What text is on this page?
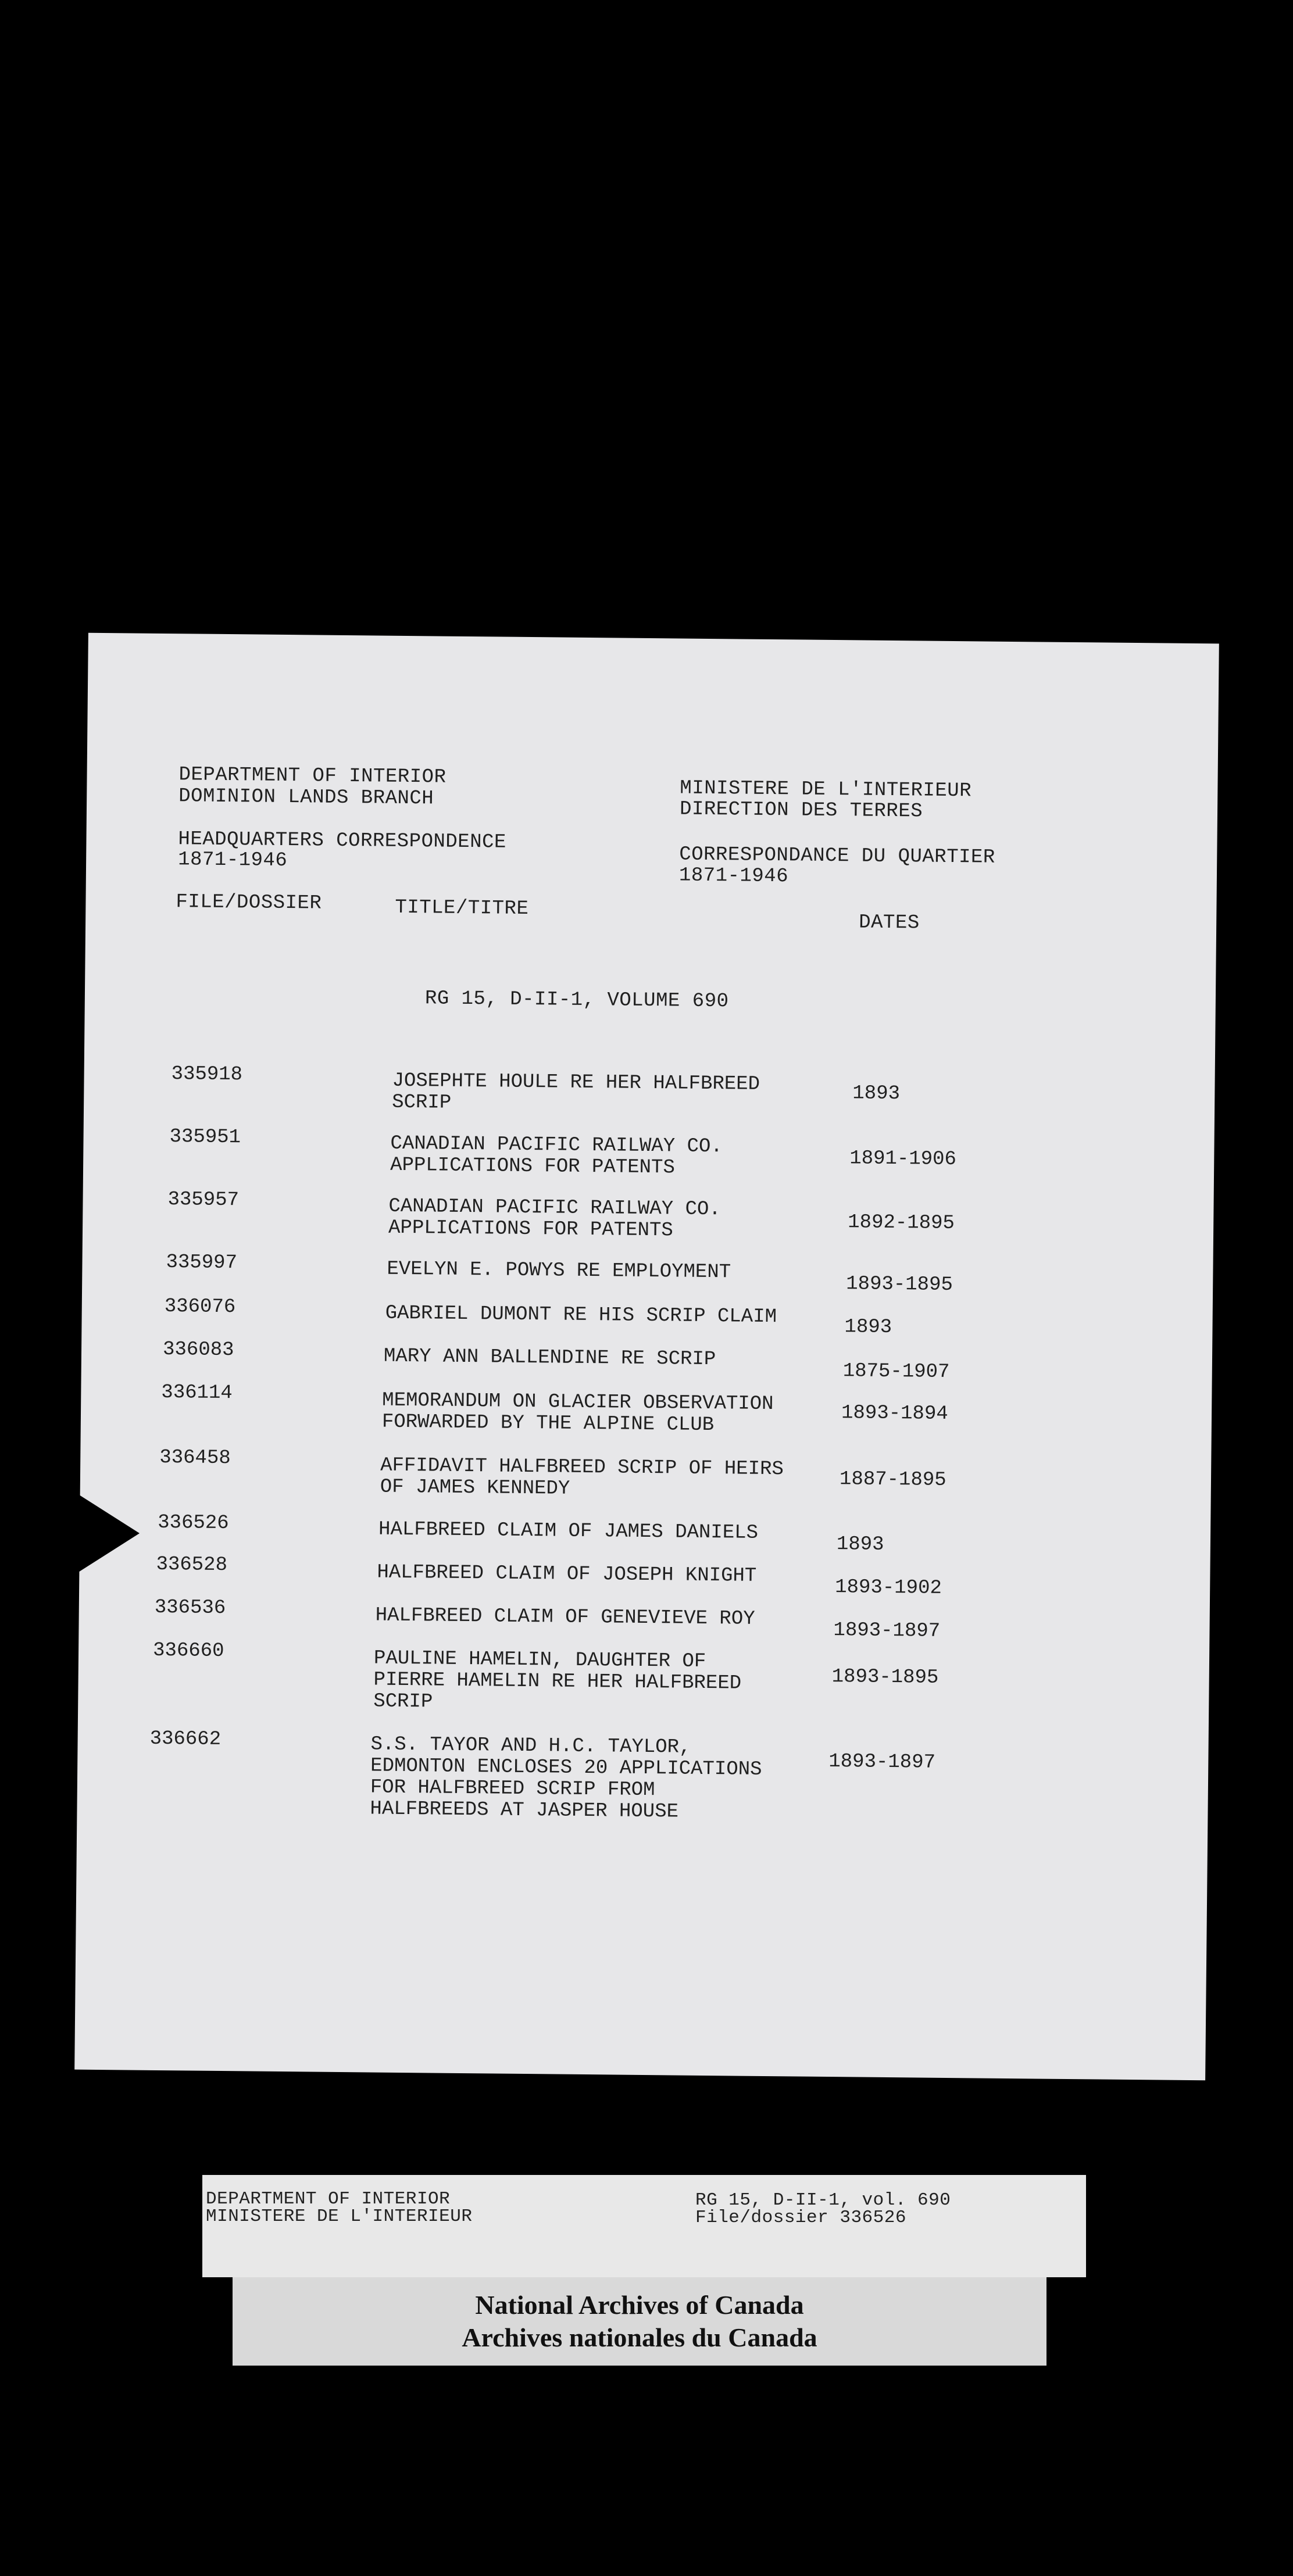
DEPARTMENT OF INTERIOR
DOMINION LANDS BRANCH
HEADQUARTERS CORRESPONDENCE
1871-1946
MINISTERE DE L'INTERIEUR
DIRECTION DES TERRES
CORRESPONDANCE DU QUARTIER
1871-1946
FILE/DOSSIER	TITLE/TITRE
DATES
RG 15, D-II-1, VOLUME 690
335918	JOSEPHTE HOULE RE HER HALFBREED
SCRIP	1893
335951	CANADIAN PACIFIC RAILWAY CO.
APPLICATIONS FOR PATENTS	1891-1906
335957	CANADIAN PACIFIC RAILWAY CO.
APPLICATIONS FOR PATENTS	1892-1895
335997	EVELYN E. POWYS RE EMPLOYMENT
1893-1895
336076	GABRIEL DUMONT RE HIS SCRIP CLAIM	1893
336083	MARY ANN BALLENDINE RE SCRIP
1875-1907
336114	MEMORANDUM ON GLACIER OBSERVATION
FORWARDED BY THE ALPINE CLUB	1893-1894
336458	AFFIDAVIT HALFBREED SCRIP OF HEIRS
OF JAMES KENNEDY	1887-1895
336526	HALFBREED CLAIM OF JAMES DANIELS
1893
336528	HALFBREED CLAIM OF JOSEPH KNIGHT
1893-1902
336536	HALFBREED CLAIM OF GENEVIEVE ROY
1893-1897
336660	PAULINE HAMELIN, DAUGHTER OF
PIERRE HAMELIN RE HER HALFBREED
SCRIP
1893-1895
336662	S.S. TAYOR AND H.C. TAYLOR,
EDMONTON ENCLOSES 20 APPLICATIONS
FOR HALFBREED SCRIP FROM
HALFBREEDS AT JASPER HOUSE
1893-1897
DEPARTMENT OF INTERIOR
MINISTERE DE L'INTERIEUR
RG 15, D-II-1, vol. 690
File/dossier 336526
National Archives of Canada
Archives nationales du Canada
